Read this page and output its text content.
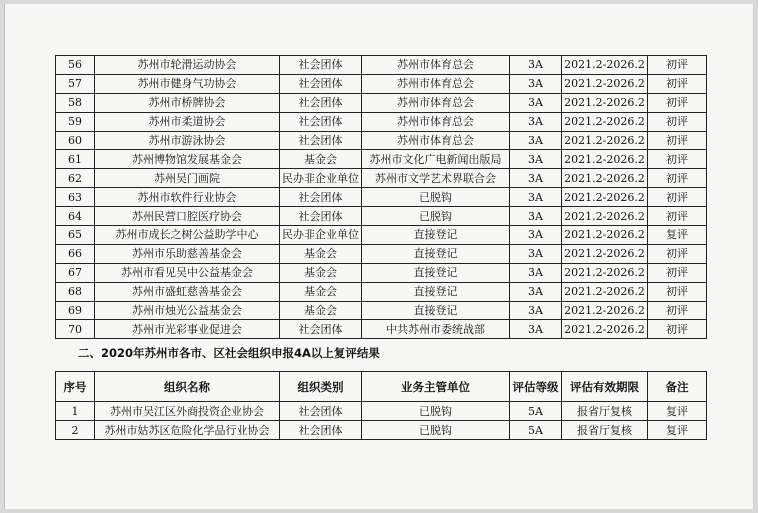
56	苏州市轮滑运动协会	社会团体	苏州市体育总会	3A	2021.2-2026.2	初评
57	苏州市健身气功协会	社会团体	苏州市体育总会	3A	2021.2-2026.2	初评
58	苏州市桥牌协会	社会团体	苏州市体育总会	3A	2021.2-2026.2	初评
59	苏州市柔道协会	社会团体	苏州市体育总会	3A	2021.2-2026.2	初评
60	苏州市游泳协会	社会团体	苏州市体育总会	3A	2021.2-2026.2	初评
61	苏州博物馆发展基金会	基金会	苏州市文化广电新闻出版局	3A	2021.2-2026.2	初评
62	苏州吴门画院	民办非企业单位	苏州市文学艺术界联合会	3A	2021.2-2026.2	初评
63	苏州市软件行业协会	社会团体	已脱钩	3A	2021.2-2026.2	初评
64	苏州民营口腔医疗协会	社会团体	已脱钩	3A	2021.2-2026.2	初评
65	苏州市成长之树公益助学中心	民办非企业单位	直接登记	3A	2021.2-2026.2	复评
66	苏州市乐助慈善基金会	基金会	直接登记	3A	2021.2-2026.2	初评
67	苏州市看见吴中公益基金会	基金会	直接登记	3A	2021.2-2026.2	初评
68	苏州市盛虹慈善基金会	基金会	直接登记	3A	2021.2-2026.2	初评
69	苏州市烛光公益基金会	基金会	直接登记	3A	2021.2-2026.2	初评
70	苏州市光彩事业促进会	社会团体	中共苏州市委统战部	3A	2021.2-2026.2	初评

二、2020年苏州市各市、区社会组织申报4A以上复评结果

序号	组织名称	组织类别	业务主管单位	评估等级	评估有效期限	备注
1	苏州市吴江区外商投资企业协会	社会团体	已脱钩	5A	报省厅复核	复评
2	苏州市姑苏区危险化学品行业协会	社会团体	已脱钩	5A	报省厅复核	复评
